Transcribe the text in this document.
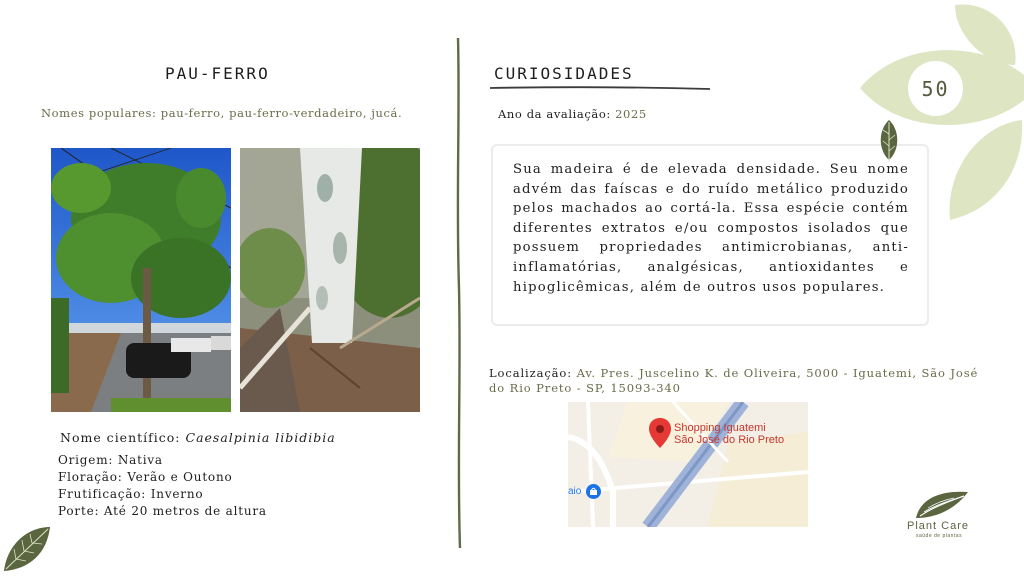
PAU-FERRO
Nomes populares: pau-ferro, pau-ferro-verdadeiro, jucá.
Nome científico: Caesalpinia libidibia
Origem: Nativa
Floração: Verão e Outono
Frutificação: Inverno
Porte: Até 20 metros de altura
CURIOSIDADES
Ano da avaliação: 2025
Sua madeira é de elevada densidade. Seu nome advém das faíscas e do ruído metálico produzido pelos machados ao cortá-la. Essa espécie contém diferentes extratos e/ou compostos isolados que possuem propriedades antimicrobianas, anti-inflamatórias, analgésicas, antioxidantes e hipoglicêmicas, além de outros usos populares.
Localização: Av. Pres. Juscelino K. de Oliveira, 5000 - Iguatemi, São José do Rio Preto - SP, 15093-340
Shopping Iguatemi
São José do Rio Preto
aio
50
Plant Care
saúde de plantas
